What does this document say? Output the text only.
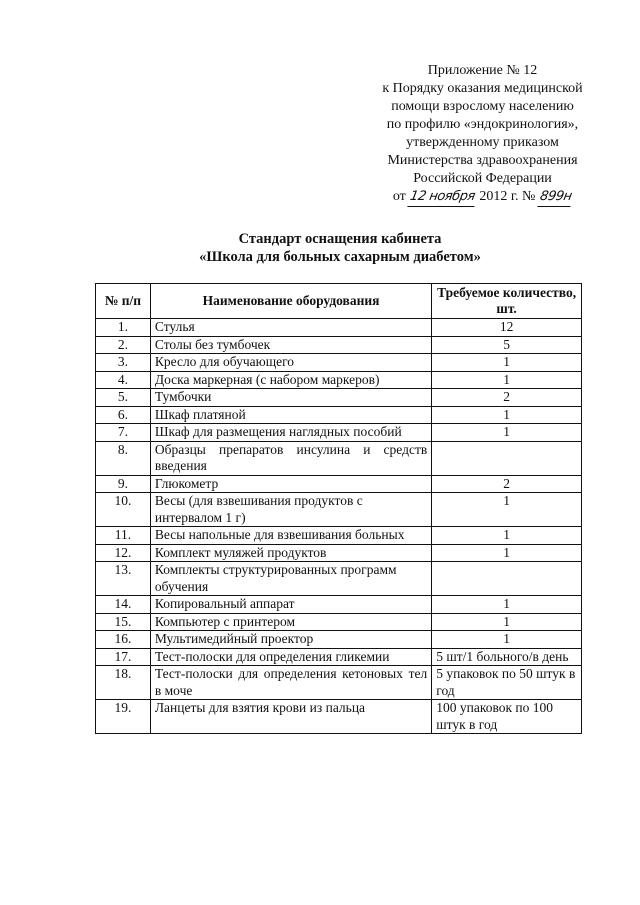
Приложение № 12
к Порядку оказания медицинской
помощи взрослому населению
по профилю «эндокринология»,
утвержденному приказом
Министерства здравоохранения
Российской Федерации
от 12 ноября 2012 г. № 899н
Стандарт оснащения кабинета
«Школа для больных сахарным диабетом»
№ п/п	Наименование оборудования	Требуемое количество, шт.
1.	Стулья	12
2.	Столы без тумбочек	5
3.	Кресло для обучающего	1
4.	Доска маркерная (с набором маркеров)	1
5.	Тумбочки	2
6.	Шкаф платяной	1
7.	Шкаф для размещения наглядных пособий	1
8.	Образцы препаратов инсулина и средств введения	
9.	Глюкометр	2
10.	Весы (для взвешивания продуктов с интервалом 1 г)	1
11.	Весы напольные для взвешивания больных	1
12.	Комплект муляжей продуктов	1
13.	Комплекты структурированных программ обучения	
14.	Копировальный аппарат	1
15.	Компьютер с принтером	1
16.	Мультимедийный проектор	1
17.	Тест-полоски для определения гликемии	5 шт/1 больного/в день
18.	Тест-полоски для определения кетоновых тел в моче	5 упаковок по 50 штук в год
19.	Ланцеты для взятия крови из пальца	100 упаковок по 100 штук в год
